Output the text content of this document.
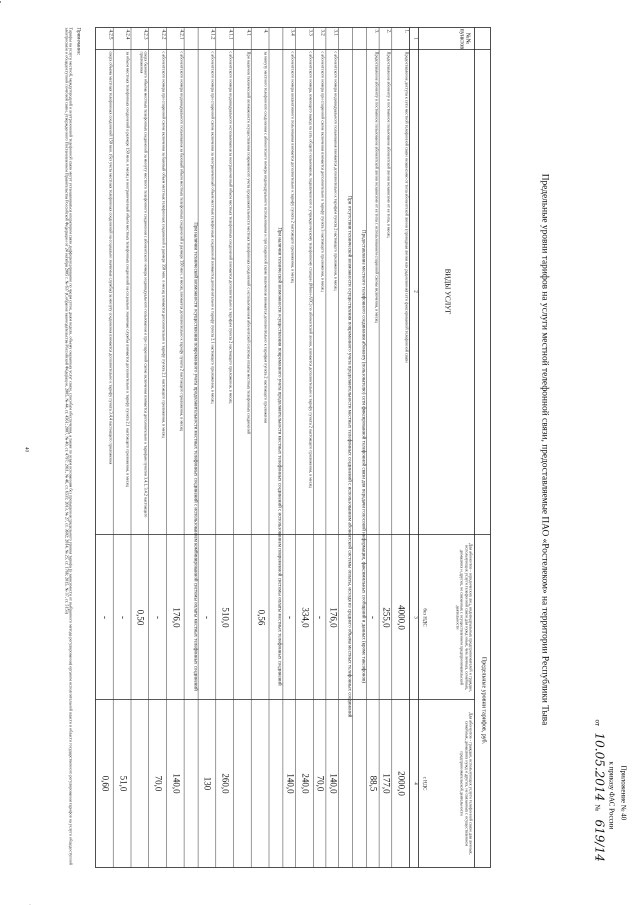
Приложение № 40
к приказу ФАС России
от
10.05.2014
№
619/14
Предельные уровни тарифов на услуги местной телефонной связи, предоставляемые ПАО «Ростелеком» на территории Республики Тыва
№№ пунктов
ВИДЫ УСЛУГ
Предельные уровни тарифов, руб.
Для абонентов - юридических лиц, индивидуальных предпринимателей и граждан, использующих услуги телефонной связи для нужд иных, чем личных, семейных, домашних и других, не связанных с осуществлением предпринимательской деятельности
Для абонентов - граждан, использующих услуги телефонной связи для личных, семейных, домашних нужд и других, не связанных с осуществлением предпринимательской деятельности
без НДС
с НДС
1
2
3
4
1.
Предоставление доступа к сети местной телефонной связи независимо от типа абонентской линии (проводная линия или радиолиния) сети фиксированной телефонной связи
4000,0
2000,0
2.
Предоставление абоненту в постоянное пользование абонентской линии независимо от ее типа, в месяц
255,0
177,0
3.
Предоставление абоненту в постоянное пользование абонентской линии независимо от ее типа с использованием спаренной схемы включения, в месяц
-
88,5
Предоставление местного телефонного соединения абоненту (пользователю) сети фиксированной телефонной связи для передачи голосовой информации, факсимильных сообщений и данных (кроме таксофонов)
При отсутствии технической возможности осуществления повременного учета продолжительности местных телефонных соединений с использованием абонентской системы оплаты, исходя из среднего объема местных телефонных соединений
3.1
с абонентского номера индивидуального пользования взимается дополнительно к тарифам пункта 2 настоящего приложения, в месяц
176,0
140,0
3.2
с абонентского номера при спаренной схеме включения взимается дополнительно к тарифу пункта 3 настоящего приложения, в месяц
-
70,0
3.3
с абонентского номера, имеющего выход на сеть общего пользования, подключенного к учрежденческому телефонному станции (Мини-АТС) по абонентской линии, взимается дополнительно к тарифу пункта 2 настоящего приложения, в месяц
334,0
240,0
3.4
с абонентского номера коллективного пользования взимается дополнительно к тарифу пункта 2 настоящего приложения, в месяц
-
140,0
При наличии технической возможности осуществления повременного учета продолжительности местных телефонных соединений с использованием повременной системы оплаты местных телефонных соединений
4.
за минуту местного телефонного соединения с абонентского номера индивидуального использования и при спаренной схеме включения взимается дополнительно к тарифам пункта 2 настоящего приложения
0,56
4.1
При наличии технической возможности осуществления повременного учета продолжительности местных телефонных соединений с использованием абонентской системы оплаты местных телефонных соединений
4.1.1
с абонентского номера индивидуального использования за неограниченный объем местных телефонных соединений взимается дополнительно к тарифам пункта 2 настоящего приложения, в месяц
510,0
260,0
4.1.2
с абонентского номера при спаренной схеме включения за неограниченный объем местных телефонных соединений взимается дополнительно к тарифу пункта 2.1 настоящего приложения, в месяц
-
130
При наличии технической возможности осуществления повременного учета продолжительности местных телефонных соединений с использованием комбинированной системы оплаты местных телефонных соединений
4.2.1
с абонентского номера индивидуального пользования за базовый объем местных телефонных соединений в размере 350 мин. в месяц взимается дополнительно к тарифу пункта 2 настоящего приложения, в месяц
176,0
140,0
4.2.2
с абонентского номера при спаренной схеме включения за базовый объем местных телефонных соединений в размере 350 мин. в месяц взимается дополнительно к тарифу пункта 2.1 настоящего приложения, в месяц
-
70,0
4.2.3
сверх базового объема местных телефонных соединений за минуту местного телефонного соединения с абонентского номера индивидуального пользования и при спаренной схеме включения взимается дополнительно к тарифам пунктов 3.4.1, 3.4.2 настоящего приложения
0,50
4.2.4
за объем местных телефонных соединений в размере 150 мин. в месяц и неограниченный объем местных телефонных соединений на социально значимые службы взимается дополнительно к тарифу пункта 2.1 настоящего приложения, в месяц
-
51,0
4.2.5
сверх объема местных телефонных соединений 150 мин. (без учета местных телефонных соединений на социально значимые службы) за минуту соединения взимается дополнительно к тарифу пункта 3.4.4 настоящего приложения
-
0,60
Примечание:
Тарифы на услуги местной, междугородной и внутризоновой телефонной связи могут устанавливаться оператором связи дифференцированно по часам суток, дням недели, объему оказанных услуг связи, способам обеспечения, а также по иным основаниям без превышения предельного уровня тарифа (в зависимости от выбранного метода регулирования) органом исполнительной власти в области государственного регулирования тарифов на услуги общедоступной электросвязи и общедоступной почтовой связи, утвержденного Постановлением Правительства Российской Федерации от 24 октября 2005 г. № 637 (Собрание законодательства Российской Федерации, 2005, № 44, ст. 4561; 2007, № 40, ст. 4797; 2011, № 46, ст. 6531; 2013, № 27, ст. 3602; 2014, № 25, ст. 1766; 2015, № 37, ст. 5153)
40
